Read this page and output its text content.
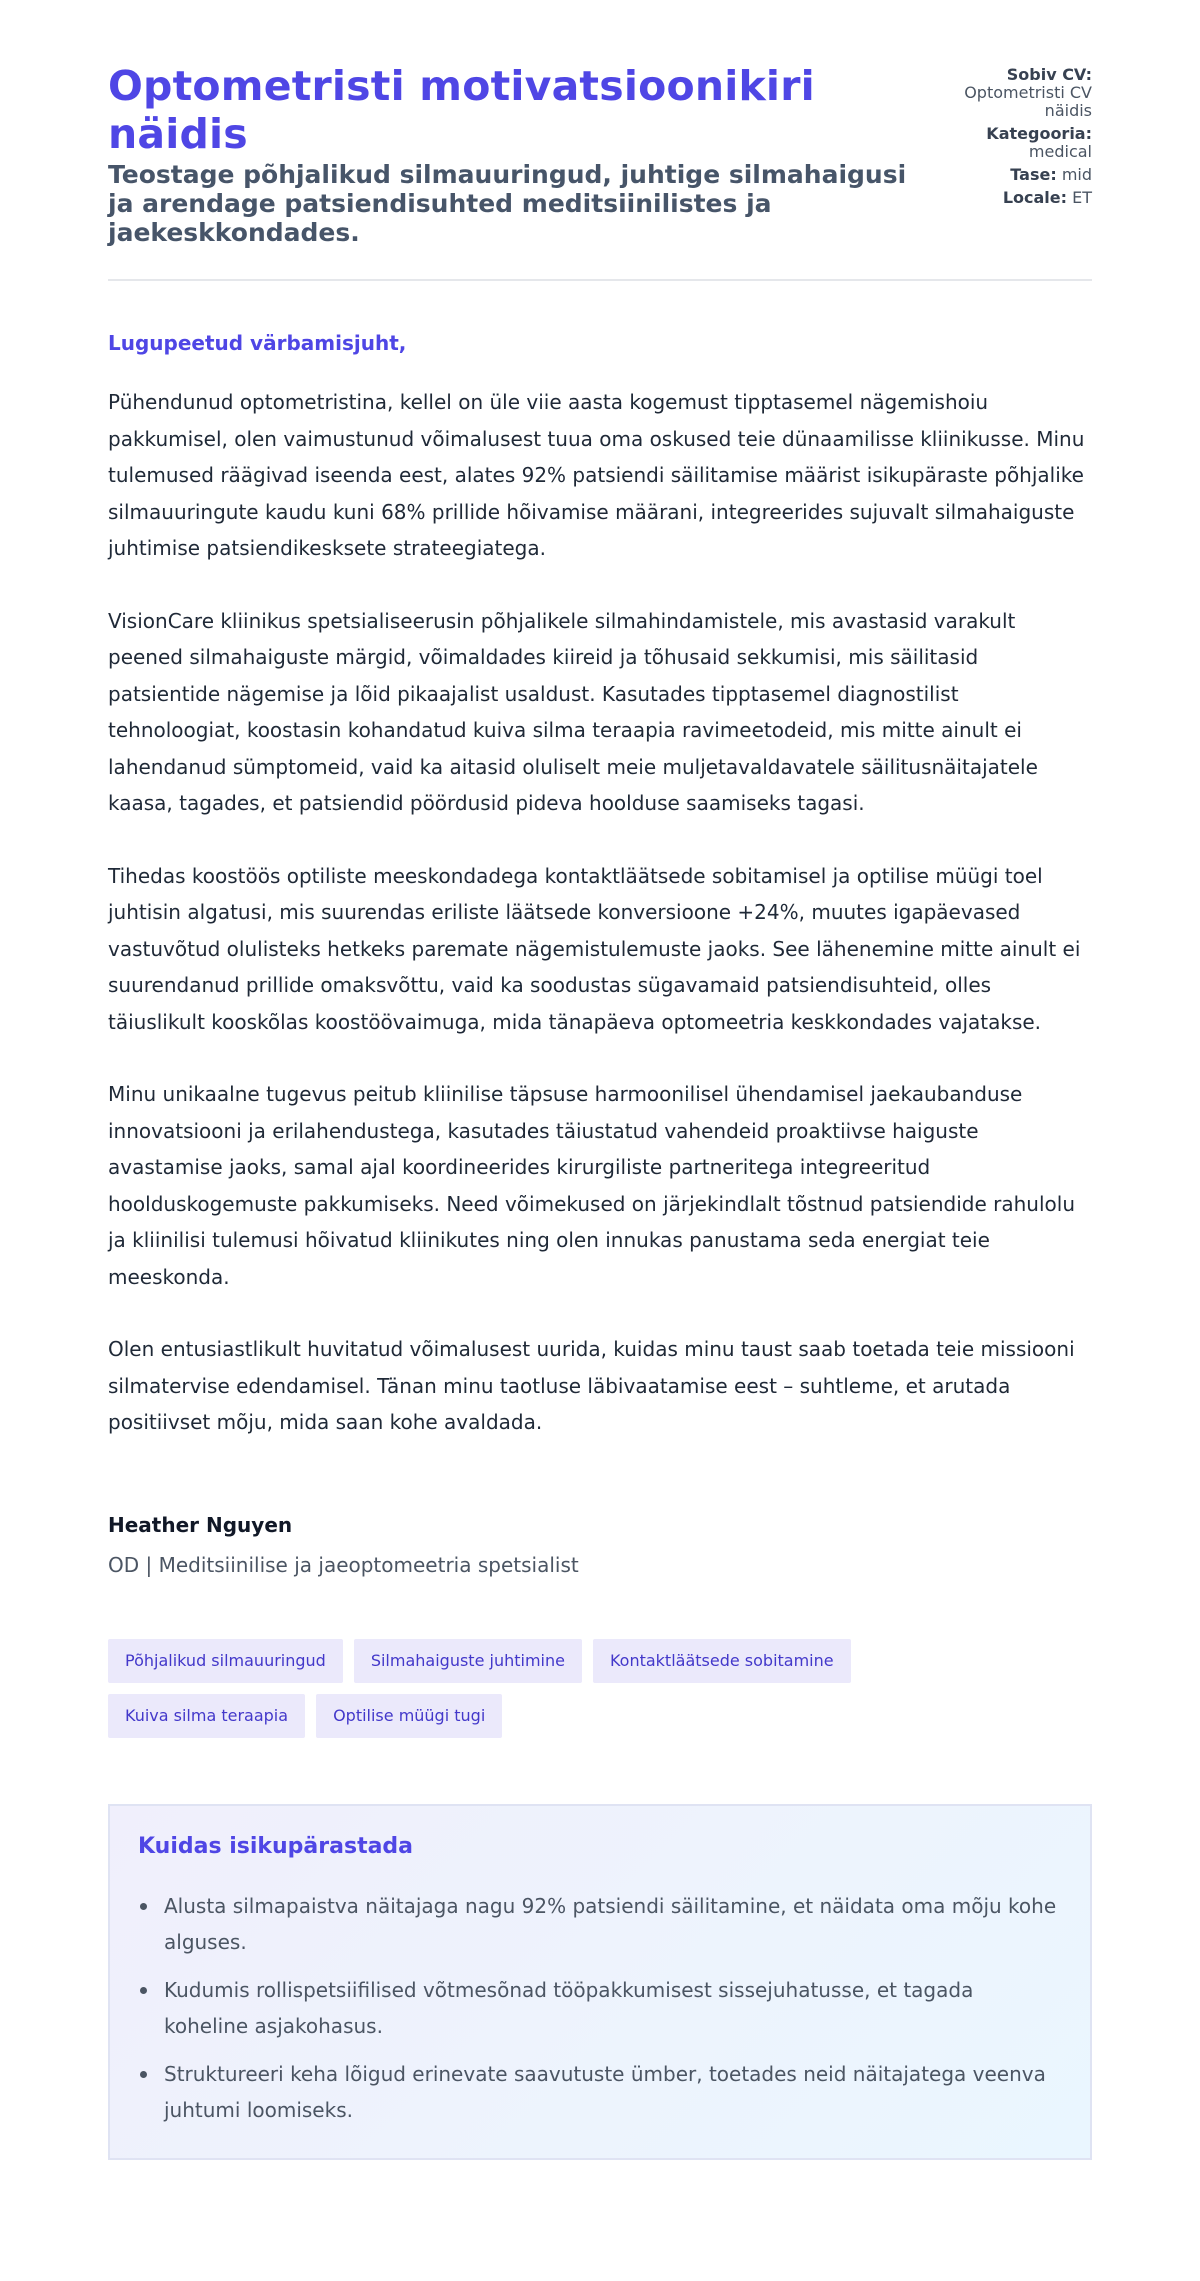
Optometristi motivatsioonikiri näidis
Teostage põhjalikud silmauuringud, juhtige silmahaigusi ja arendage patsiendisuhted meditsiinilistes ja jaekeskkondades.
Sobiv CV: Optometristi CV näidis
Kategooria: medical
Tase: mid
Locale: ET

Lugupeetud värbamisjuht,

Pühendunud optometristina, kellel on üle viie aasta kogemust tipptasemel nägemishoiu pakkumisel, olen vaimustunud võimalusest tuua oma oskused teie dünaamilisse kliinikusse. Minu tulemused räägivad iseenda eest, alates 92% patsiendi säilitamise määrist isikupäraste põhjalike silmauuringute kaudu kuni 68% prillide hõivamise määrani, integreerides sujuvalt silmahaiguste juhtimise patsiendikesksete strateegiatega.

VisionCare kliinikus spetsialiseerusin põhjalikele silmahindamistele, mis avastasid varakult peened silmahaiguste märgid, võimaldades kiireid ja tõhusaid sekkumisi, mis säilitasid patsientide nägemise ja lõid pikaajalist usaldust. Kasutades tipptasemel diagnostilist tehnoloogiat, koostasin kohandatud kuiva silma teraapia ravimeetodeid, mis mitte ainult ei lahendanud sümptomeid, vaid ka aitasid oluliselt meie muljetavaldavatele säilitusnäitajatele kaasa, tagades, et patsiendid pöördusid pideva hoolduse saamiseks tagasi.

Tihedas koostöös optiliste meeskondadega kontaktläätsede sobitamisel ja optilise müügi toel juhtisin algatusi, mis suurendas eriliste läätsede konversioone +24%, muutes igapäevased vastuvõtud olulisteks hetkeks paremate nägemistulemuste jaoks. See lähenemine mitte ainult ei suurendanud prillide omaksvõttu, vaid ka soodustas sügavamaid patsiendisuhteid, olles täiuslikult kooskõlas koostöövaimuga, mida tänapäeva optomeetria keskkondades vajatakse.

Minu unikaalne tugevus peitub kliinilise täpsuse harmoonilisel ühendamisel jaekaubanduse innovatsiooni ja erilahendustega, kasutades täiustatud vahendeid proaktiivse haiguste avastamise jaoks, samal ajal koordineerides kirurgiliste partneritega integreeritud hoolduskogemuste pakkumiseks. Need võimekused on järjekindlalt tõstnud patsiendide rahulolu ja kliinilisi tulemusi hõivatud kliinikutes ning olen innukas panustama seda energiat teie meeskonda.

Olen entusiastlikult huvitatud võimalusest uurida, kuidas minu taust saab toetada teie missiooni silmatervise edendamisel. Tänan minu taotluse läbivaatamise eest – suhtleme, et arutada positiivset mõju, mida saan kohe avaldada.

Heather Nguyen
OD | Meditsiinilise ja jaeoptomeetria spetsialist
Põhjalikud silmauuringud	Silmahaiguste juhtimine	Kontaktläätsede sobitamine
Kuiva silma teraapia	Optilise müügi tugi
Kuidas isikupärastada
Alusta silmapaistva näitajaga nagu 92% patsiendi säilitamine, et näidata oma mõju kohe alguses.
Kudumis rollispetsiifilised võtmesõnad tööpakkumisest sissejuhatusse, et tagada koheline asjakohasus.
Struktureeri keha lõigud erinevate saavutuste ümber, toetades neid näitajatega veenva juhtumi loomiseks.
